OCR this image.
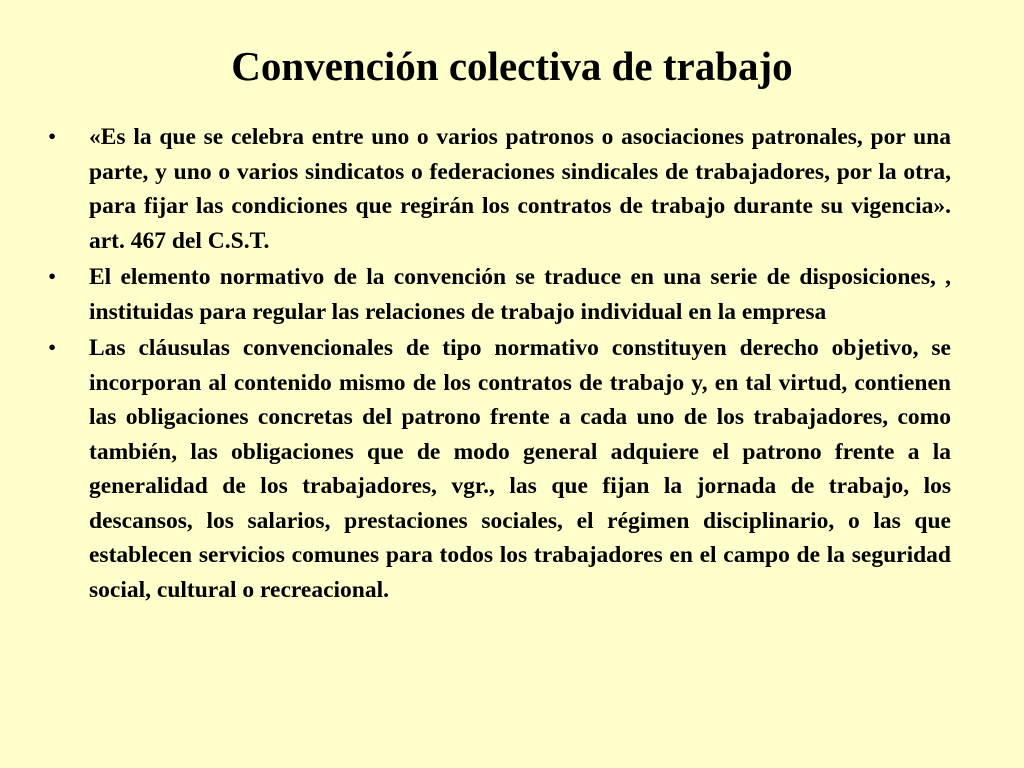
Convención colectiva de trabajo
•	«Es la que se celebra entre uno o varios patronos o asociaciones patronales, por una parte, y uno o varios sindicatos o federaciones sindicales de trabajadores, por la otra, para fijar las condiciones que regirán los contratos de trabajo durante su vigencia». art. 467 del C.S.T.
•	El elemento normativo de la convención se traduce en una serie de disposiciones, , instituidas para regular las relaciones de trabajo individual en la empresa
•	Las cláusulas convencionales de tipo normativo constituyen derecho objetivo, se incorporan al contenido mismo de los contratos de trabajo y, en tal virtud, contienen las obligaciones concretas del patrono frente a cada uno de los trabajadores, como también, las obligaciones que de modo general adquiere el patrono frente a la generalidad de los trabajadores, vgr., las que fijan la jornada de trabajo, los descansos, los salarios, prestaciones sociales, el régimen disciplinario, o las que establecen servicios comunes para todos los trabajadores en el campo de la seguridad social, cultural o recreacional.
